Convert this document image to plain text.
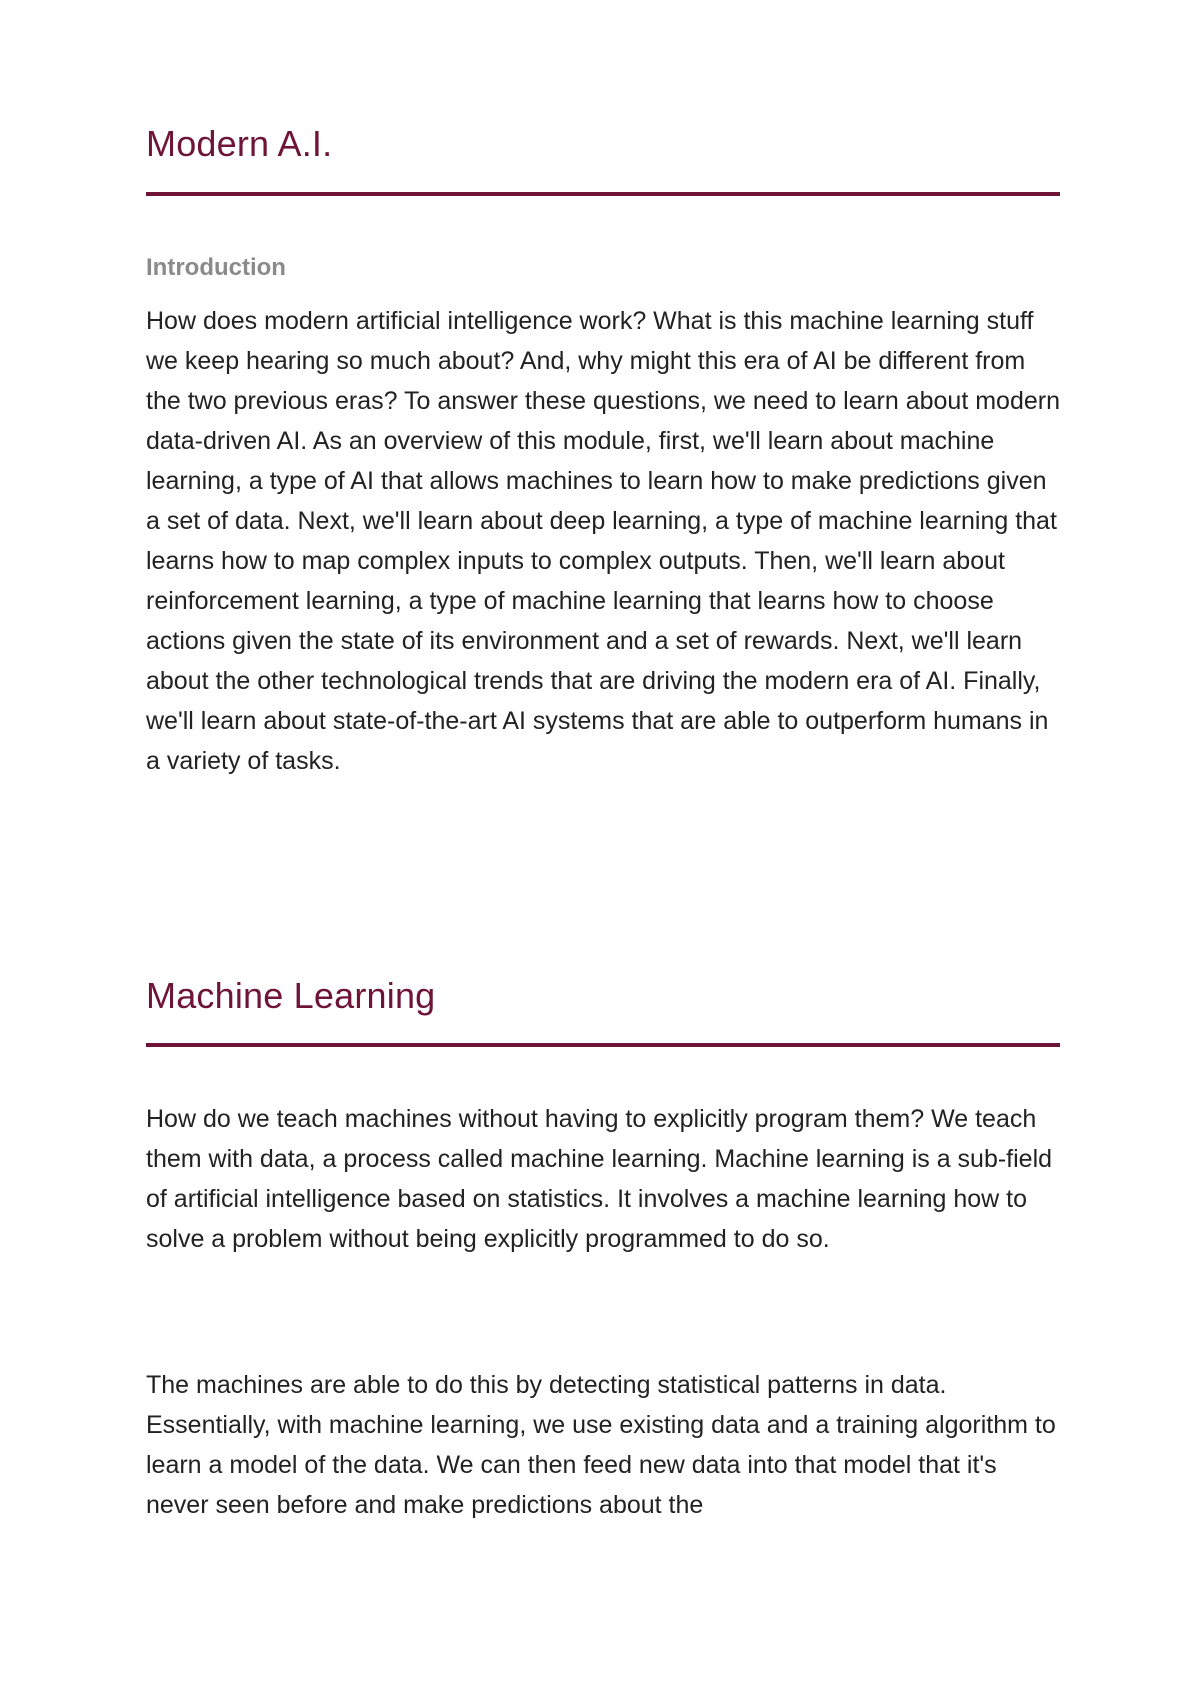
Modern A.I.
Introduction

How does modern artificial intelligence work? What is this machine learning stuff we keep hearing so much about? And, why might this era of AI be different from the two previous eras? To answer these questions, we need to learn about modern data-driven AI. As an overview of this module, first, we'll learn about machine learning, a type of AI that allows machines to learn how to make predictions given a set of data. Next, we'll learn about deep learning, a type of machine learning that learns how to map complex inputs to complex outputs. Then, we'll learn about reinforcement learning, a type of machine learning that learns how to choose actions given the state of its environment and a set of rewards. Next, we'll learn about the other technological trends that are driving the modern era of AI. Finally, we'll learn about state-of-the-art AI systems that are able to outperform humans in a variety of tasks.

Machine Learning

How do we teach machines without having to explicitly program them? We teach them with data, a process called machine learning. Machine learning is a sub-field of artificial intelligence based on statistics. It involves a machine learning how to solve a problem without being explicitly programmed to do so.

The machines are able to do this by detecting statistical patterns in data. Essentially, with machine learning, we use existing data and a training algorithm to learn a model of the data. We can then feed new data into that model that it's never seen before and make predictions about the
